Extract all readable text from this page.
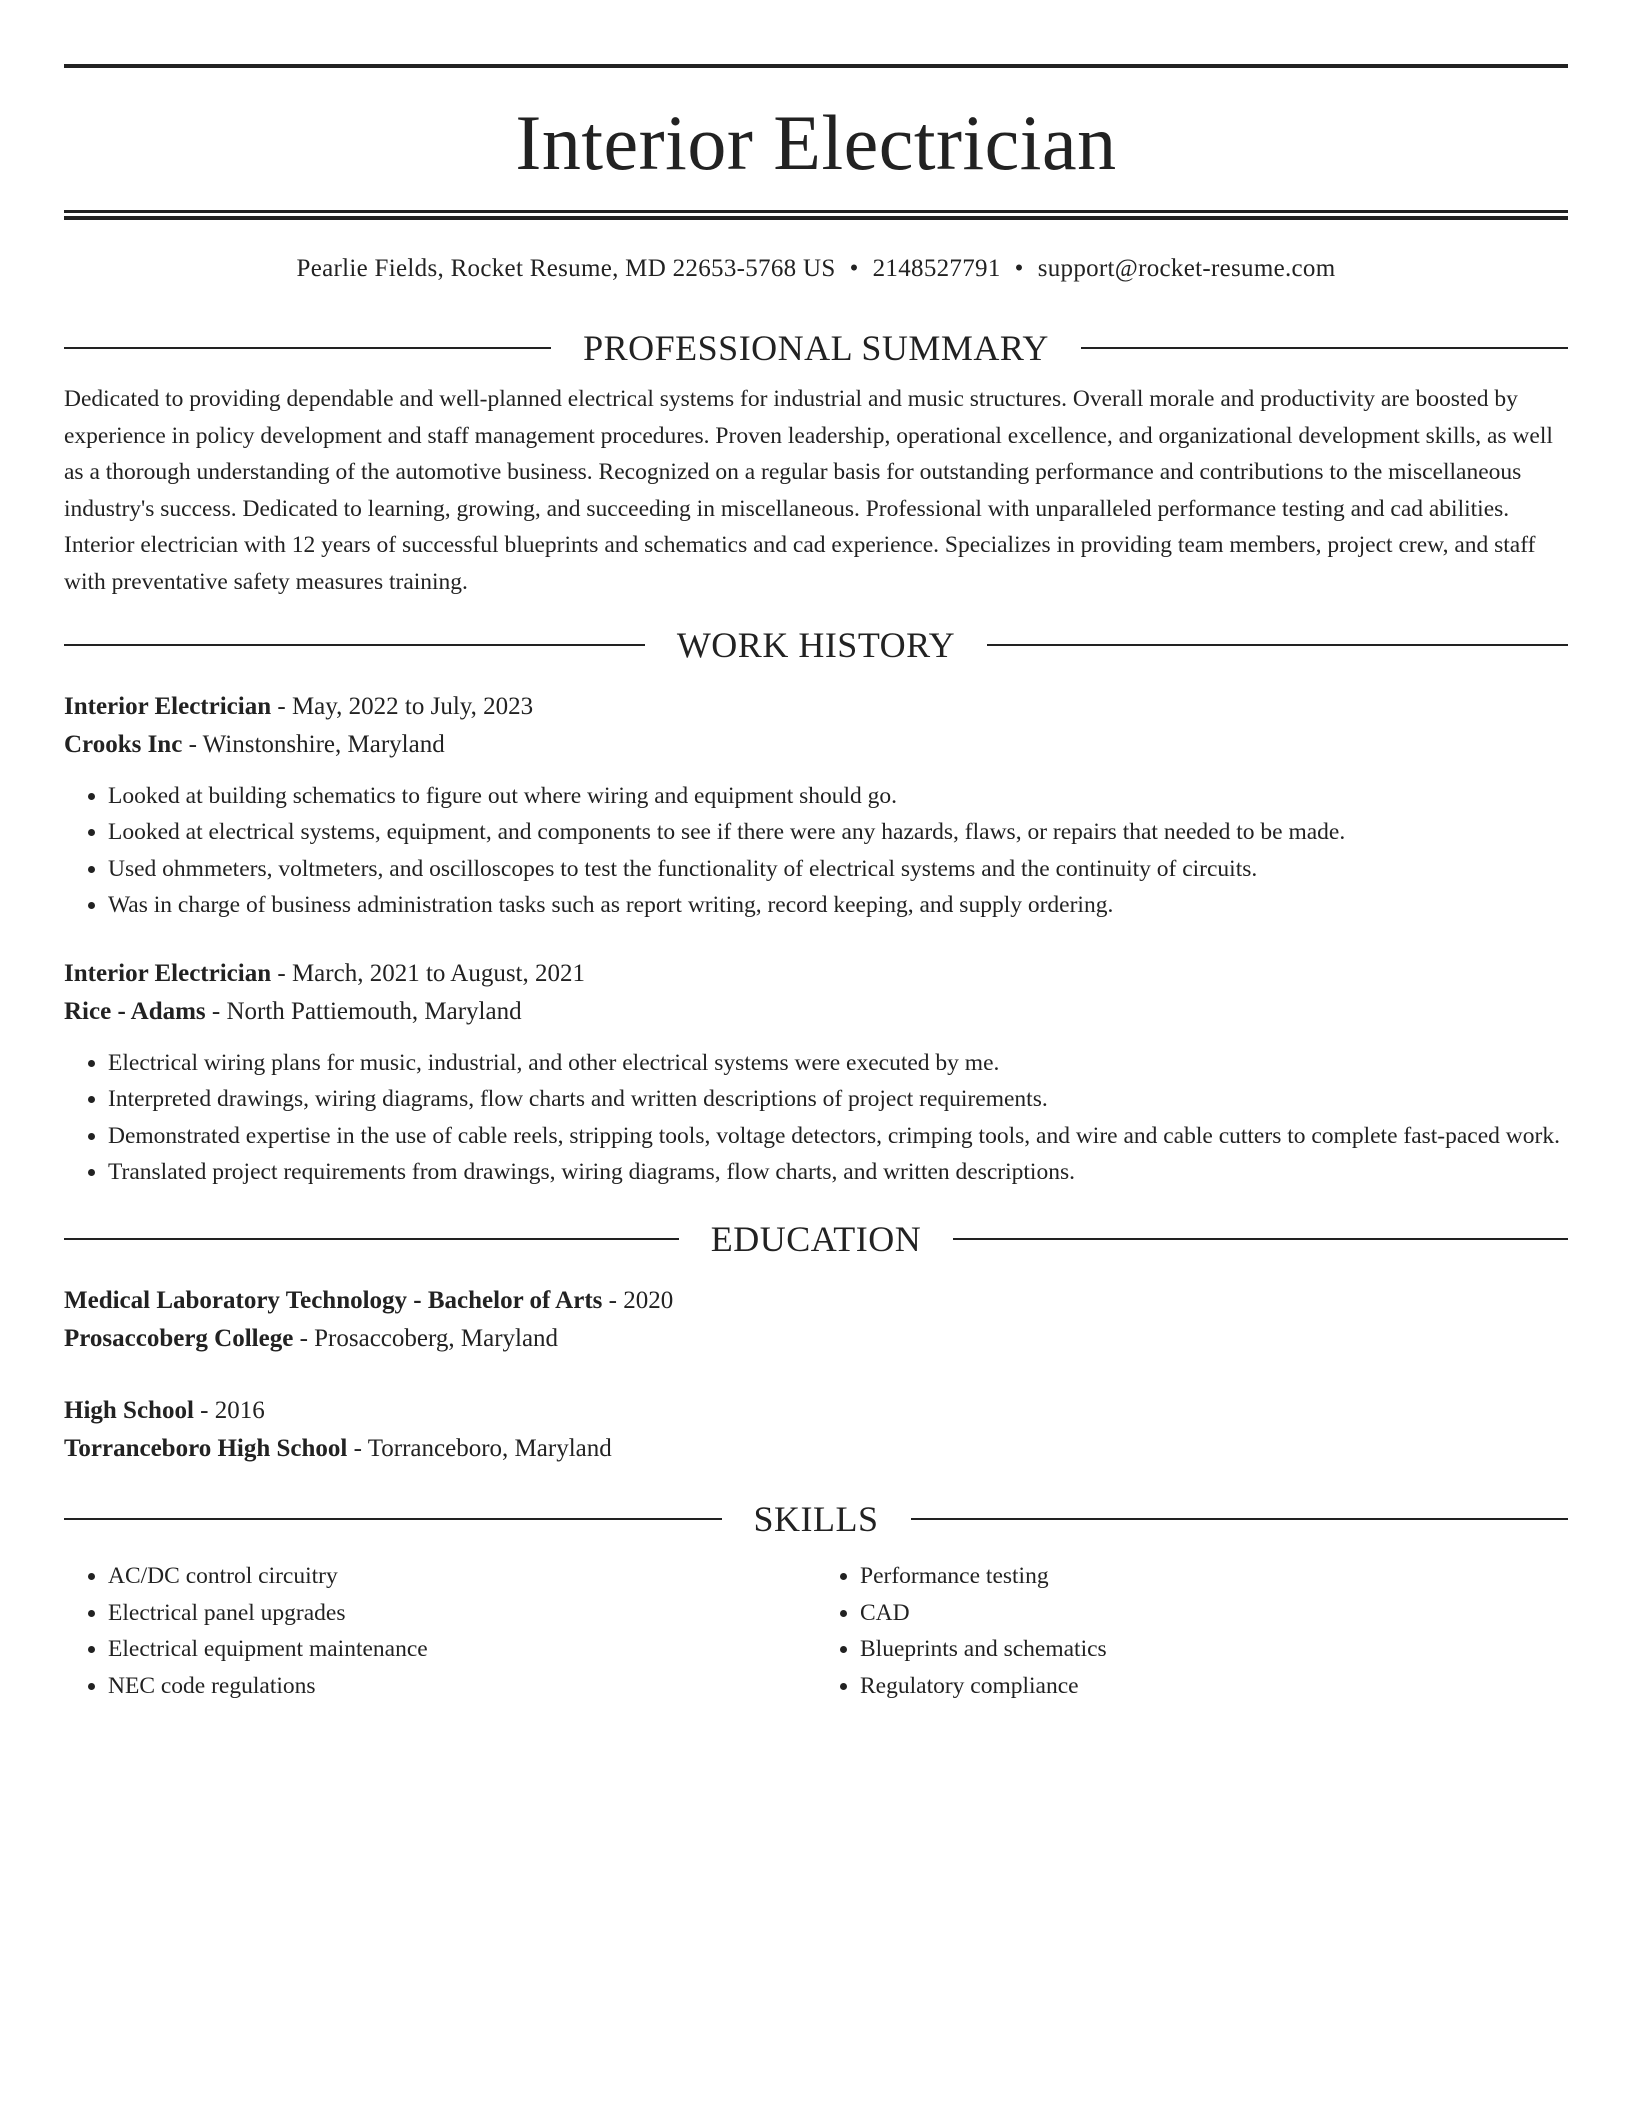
Interior Electrician
Pearlie Fields, Rocket Resume, MD 22653-5768 US • 2148527791 • support@rocket-resume.com
PROFESSIONAL SUMMARY

Dedicated to providing dependable and well-planned electrical systems for industrial and music structures. Overall morale and productivity are boosted by experience in policy development and staff management procedures. Proven leadership, operational excellence, and organizational development skills, as well as a thorough understanding of the automotive business. Recognized on a regular basis for outstanding performance and contributions to the miscellaneous industry's success. Dedicated to learning, growing, and succeeding in miscellaneous. Professional with unparalleled performance testing and cad abilities. Interior electrician with 12 years of successful blueprints and schematics and cad experience. Specializes in providing team members, project crew, and staff with preventative safety measures training.

WORK HISTORY
Interior Electrician - May, 2022 to July, 2023
Crooks Inc - Winstonshire, Maryland
• Looked at building schematics to figure out where wiring and equipment should go.
• Looked at electrical systems, equipment, and components to see if there were any hazards, flaws, or repairs that needed to be made.
• Used ohmmeters, voltmeters, and oscilloscopes to test the functionality of electrical systems and the continuity of circuits.
• Was in charge of business administration tasks such as report writing, record keeping, and supply ordering.
Interior Electrician - March, 2021 to August, 2021
Rice - Adams - North Pattiemouth, Maryland
• Electrical wiring plans for music, industrial, and other electrical systems were executed by me.
• Interpreted drawings, wiring diagrams, flow charts and written descriptions of project requirements.
• Demonstrated expertise in the use of cable reels, stripping tools, voltage detectors, crimping tools, and wire and cable cutters to complete fast-paced work.
• Translated project requirements from drawings, wiring diagrams, flow charts, and written descriptions.
EDUCATION
Medical Laboratory Technology - Bachelor of Arts - 2020
Prosaccoberg College - Prosaccoberg, Maryland
High School - 2016
Torranceboro High School - Torranceboro, Maryland
SKILLS
• AC/DC control circuitry
• Electrical panel upgrades
• Electrical equipment maintenance
• NEC code regulations
• Performance testing
• CAD
• Blueprints and schematics
• Regulatory compliance
